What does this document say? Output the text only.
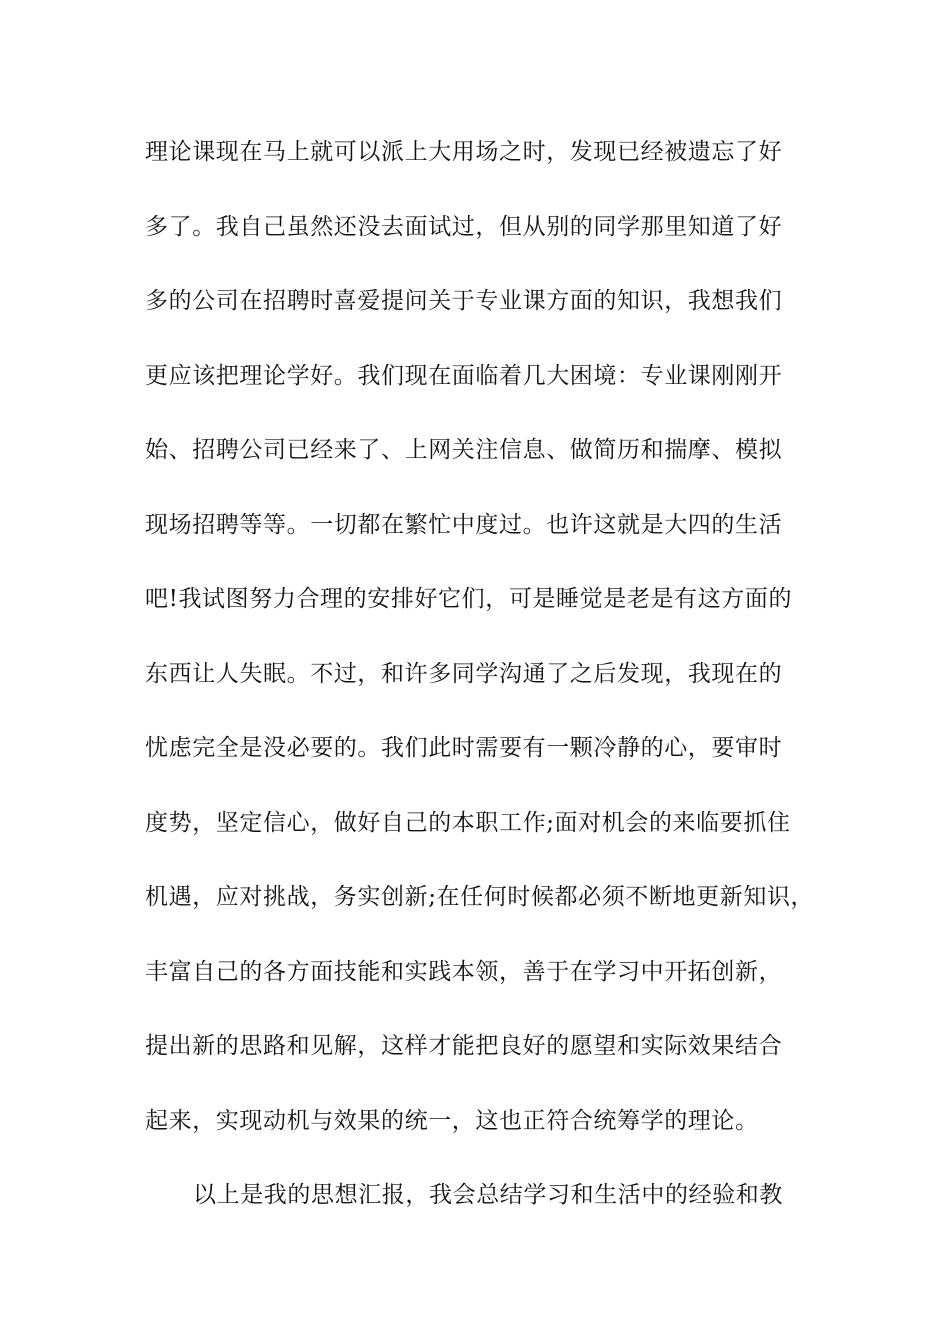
理论课现在马上就可以派上大用场之时，发现已经被遗忘了好
多了。我自己虽然还没去面试过，但从别的同学那里知道了好
多的公司在招聘时喜爱提问关于专业课方面的知识，我想我们
更应该把理论学好。我们现在面临着几大困境：专业课刚刚开
始、招聘公司已经来了、上网关注信息、做简历和揣摩、模拟
现场招聘等等。一切都在繁忙中度过。也许这就是大四的生活
吧!我试图努力合理的安排好它们，可是睡觉是老是有这方面的
东西让人失眠。不过，和许多同学沟通了之后发现，我现在的
忧虑完全是没必要的。我们此时需要有一颗冷静的心，要审时
度势，坚定信心，做好自己的本职工作;面对机会的来临要抓住
机遇，应对挑战，务实创新;在任何时候都必须不断地更新知识，
丰富自己的各方面技能和实践本领，善于在学习中开拓创新，
提出新的思路和见解，这样才能把良好的愿望和实际效果结合
起来，实现动机与效果的统一，这也正符合统筹学的理论。
以上是我的思想汇报，我会总结学习和生活中的经验和教
